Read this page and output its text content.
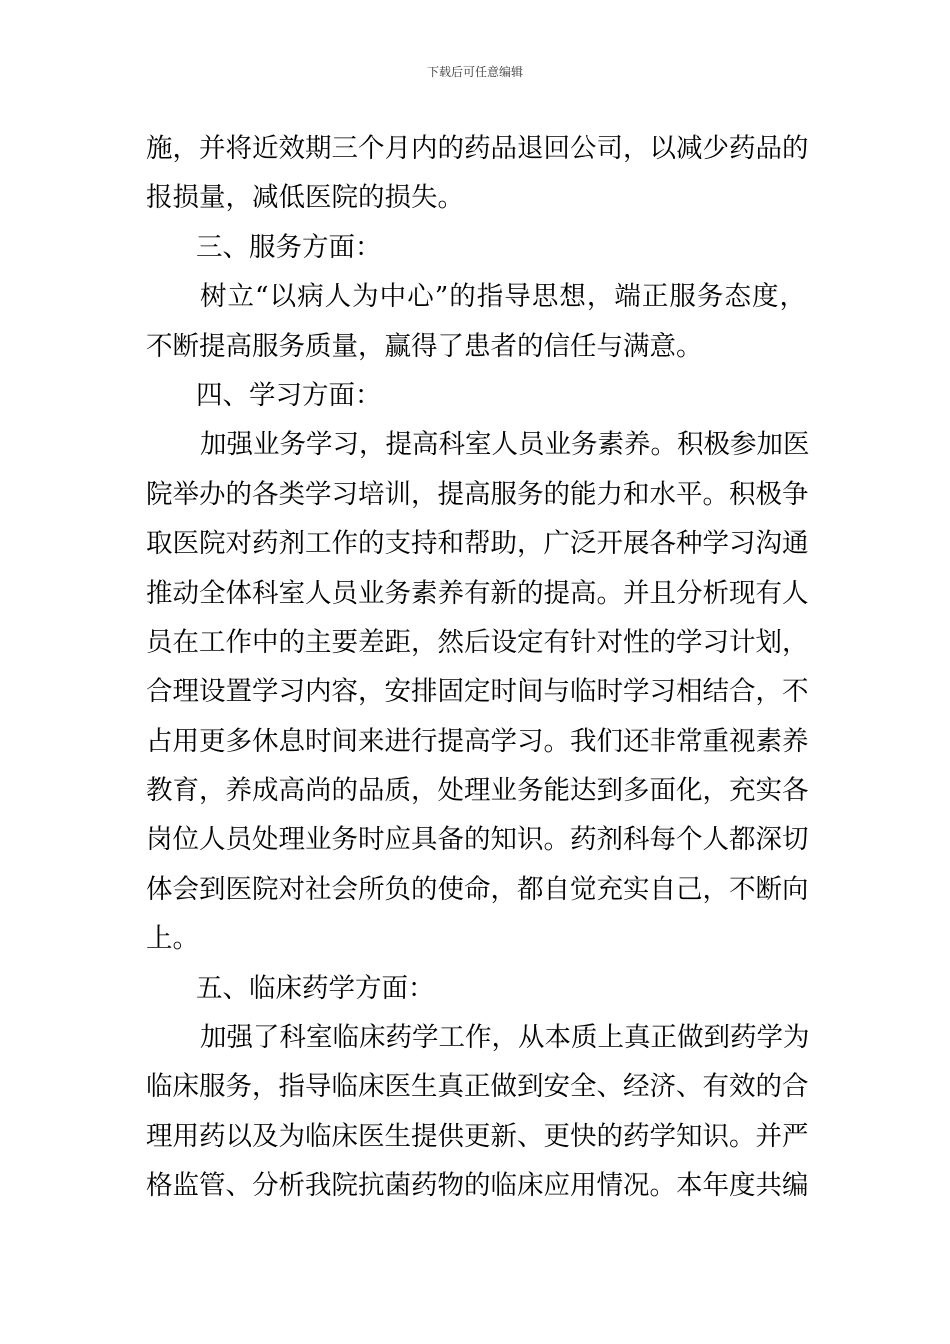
下载后可任意编辑
施，并将近效期三个月内的药品退回公司，以减少药品的
报损量，减低医院的损失。
三、服务方面：
树立“以病人为中心”的指导思想，端正服务态度，
不断提高服务质量，赢得了患者的信任与满意。
四、学习方面：
加强业务学习，提高科室人员业务素养。积极参加医
院举办的各类学习培训，提高服务的能力和水平。积极争
取医院对药剂工作的支持和帮助，广泛开展各种学习沟通
推动全体科室人员业务素养有新的提高。并且分析现有人
员在工作中的主要差距，然后设定有针对性的学习计划，
合理设置学习内容，安排固定时间与临时学习相结合，不
占用更多休息时间来进行提高学习。我们还非常重视素养
教育，养成高尚的品质，处理业务能达到多面化，充实各
岗位人员处理业务时应具备的知识。药剂科每个人都深切
体会到医院对社会所负的使命，都自觉充实自己，不断向
上。
五、临床药学方面：
加强了科室临床药学工作，从本质上真正做到药学为
临床服务，指导临床医生真正做到安全、经济、有效的合
理用药以及为临床医生提供更新、更快的药学知识。并严
格监管、分析我院抗菌药物的临床应用情况。本年度共编
